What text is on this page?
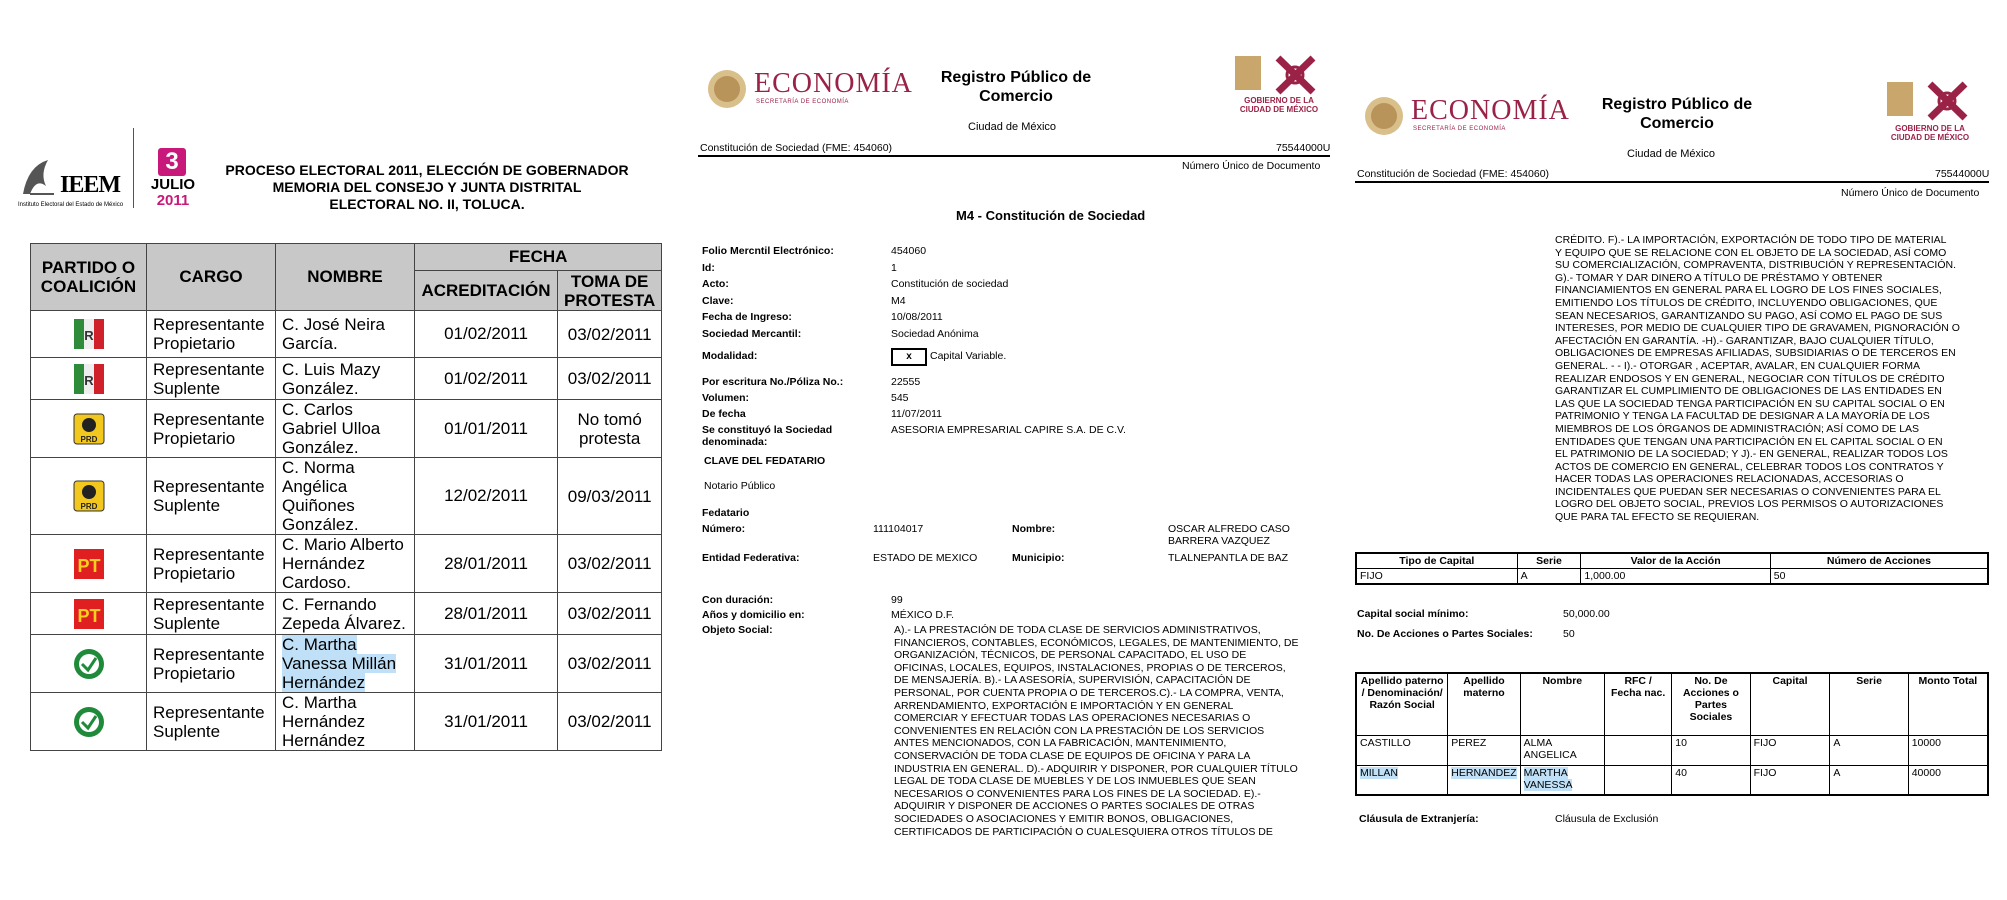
IEEM
Instituto Electoral del Estado de México
3
JULIO
2011
PROCESO ELECTORAL 2011, ELECCIÓN DE GOBERNADOR
MEMORIA DEL CONSEJO Y JUNTA DISTRITAL
ELECTORAL NO. II, TOLUCA.
PARTIDO O COALICIÓN	CARGO	NOMBRE	FECHA	
			ACREDITACIÓN	TOMA DE PROTESTA

R	Representante Propietario	C. José Neira García.	01/02/2011	03/02/2011

R	Representante Suplente	C. Luis Mazy González.	01/02/2011	03/02/2011

PRD	Representante Propietario	C. Carlos Gabriel Ulloa González.	01/01/2011	No tomó protesta

PRD	Representante Suplente	C. Norma Angélica Quiñones González.	12/02/2011	09/03/2011

PT	Representante Propietario	C. Mario Alberto Hernández Cardoso.	28/01/2011	03/02/2011

PT	Representante Suplente	C. Fernando Zepeda Álvarez.	28/01/2011	03/02/2011

	Representante Propietario	C. Martha Vanessa Millán Hernández	31/01/2011	03/02/2011

	Representante Suplente	C. Martha Hernández Hernández	31/01/2011	03/02/2011
ECONOMÍA
SECRETARÍA DE ECONOMÍA
Registro Público de Comercio
Ciudad de México
GOBIERNO DE LA
CIUDAD DE MÉXICO
Constitución de Sociedad (FME: 454060)	75544000U
Número Único de Documento
M4 - Constitución de Sociedad
Folio Mercntil Electrónico:	454060
Id:	1
Acto:	Constitución de sociedad
Clave:	M4
Fecha de Ingreso:	10/08/2011
Sociedad Mercantil:	Sociedad Anónima
Modalidad:	x	Capital Variable.
Por escritura No./Póliza No.:	22555
Volumen:	545
De fecha	11/07/2011
Se constituyó la Sociedad denominada:
ASESORIA EMPRESARIAL CAPIRE S.A. DE C.V.
CLAVE DEL FEDATARIO
Notario Público
Fedatario
Número:	111104017	Nombre:	OSCAR ALFREDO CASO BARRERA VAZQUEZ
Entidad Federativa:	ESTADO DE MEXICO	Municipio:	TLALNEPANTLA DE BAZ
Con duración:	99
Años y domicilio en:	MÉXICO D.F.
Objeto Social:	A).- LA PRESTACIÓN DE TODA CLASE DE SERVICIOS ADMINISTRATIVOS,
FINANCIEROS, CONTABLES, ECONÓMICOS, LEGALES, DE MANTENIMIENTO, DE
ORGANIZACIÓN, TÉCNICOS, DE PERSONAL CAPACITADO, EL USO DE
OFICINAS, LOCALES, EQUIPOS, INSTALACIONES, PROPIAS O DE TERCEROS,
DE MENSAJERÍA. B).- LA ASESORÍA, SUPERVISIÓN, CAPACITACIÓN DE
PERSONAL, POR CUENTA PROPIA O DE TERCEROS.C).- LA COMPRA, VENTA,
ARRENDAMIENTO, EXPORTACIÓN E IMPORTACIÓN Y EN GENERAL
COMERCIAR Y EFECTUAR TODAS LAS OPERACIONES NECESARIAS O
CONVENIENTES EN RELACIÓN CON LA PRESTACIÓN DE LOS SERVICIOS
ANTES MENCIONADOS, CON LA FABRICACIÓN, MANTENIMIENTO,
CONSERVACIÓN DE TODA CLASE DE EQUIPOS DE OFICINA Y PARA LA
INDUSTRIA EN GENERAL. D).- ADQUIRIR Y DISPONER, POR CUALQUIER TÍTULO
LEGAL DE TODA CLASE DE MUEBLES Y DE LOS INMUEBLES QUE SEAN
NECESARIOS O CONVENIENTES PARA LOS FINES DE LA SOCIEDAD. E).-
ADQUIRIR Y DISPONER DE ACCIONES O PARTES SOCIALES DE OTRAS
SOCIEDADES O ASOCIACIONES Y EMITIR BONOS, OBLIGACIONES,
CERTIFICADOS DE PARTICIPACIÓN O CUALESQUIERA OTROS TÍTULOS DE
ECONOMÍA
SECRETARÍA DE ECONOMÍA
Registro Público de Comercio
Ciudad de México
GOBIERNO DE LA
CIUDAD DE MÉXICO
Constitución de Sociedad (FME: 454060)	75544000U
Número Único de Documento
CRÉDITO. F).- LA IMPORTACIÓN, EXPORTACIÓN DE TODO TIPO DE MATERIAL
Y EQUIPO QUE SE RELACIONE CON EL OBJETO DE LA SOCIEDAD, ASÍ COMO
SU COMERCIALIZACIÓN, COMPRAVENTA, DISTRIBUCIÓN Y REPRESENTACIÓN.
G).- TOMAR Y DAR DINERO A TÍTULO DE PRÉSTAMO Y OBTENER
FINANCIAMIENTOS EN GENERAL PARA EL LOGRO DE LOS FINES SOCIALES,
EMITIENDO LOS TÍTULOS DE CRÉDITO, INCLUYENDO OBLIGACIONES, QUE
SEAN NECESARIOS, GARANTIZANDO SU PAGO, ASÍ COMO EL PAGO DE SUS
INTERESES, POR MEDIO DE CUALQUIER TIPO DE GRAVAMEN, PIGNORACIÓN O
AFECTACIÓN EN GARANTÍA. -H).- GARANTIZAR, BAJO CUALQUIER TÍTULO,
OBLIGACIONES DE EMPRESAS AFILIADAS, SUBSIDIARIAS O DE TERCEROS EN
GENERAL. - - I).- OTORGAR , ACEPTAR, AVALAR, EN CUALQUIER FORMA
REALIZAR ENDOSOS Y EN GENERAL, NEGOCIAR CON TÍTULOS DE CRÉDITO
GARANTIZAR EL CUMPLIMIENTO DE OBLIGACIONES DE LAS ENTIDADES EN
LAS QUE LA SOCIEDAD TENGA PARTICIPACIÓN EN SU CAPITAL SOCIAL O EN
PATRIMONIO Y TENGA LA FACULTAD DE DESIGNAR A LA MAYORÍA DE LOS
MIEMBROS DE LOS ÓRGANOS DE ADMINISTRACIÓN; ASÍ COMO DE LAS
ENTIDADES QUE TENGAN UNA PARTICIPACIÓN EN EL CAPITAL SOCIAL O EN
EL PATRIMONIO DE LA SOCIEDAD; Y J).- EN GENERAL, REALIZAR TODOS LOS
ACTOS DE COMERCIO EN GENERAL, CELEBRAR TODOS LOS CONTRATOS Y
HACER TODAS LAS OPERACIONES RELACIONADAS, ACCESORIAS O
INCIDENTALES QUE PUEDAN SER NECESARIAS O CONVENIENTES PARA EL
LOGRO DEL OBJETO SOCIAL, PREVIOS LOS PERMISOS O AUTORIZACIONES
QUE PARA TAL EFECTO SE REQUIERAN.
Tipo de Capital	Serie	Valor de la Acción	Número de Acciones
FIJO	A	1,000.00	50
Capital social mínimo:	50,000.00
No. De Acciones o Partes Sociales:	50
Apellido paterno / Denominación/ Razón Social	Apellido materno	Nombre	RFC / Fecha nac.	No. De Acciones o Partes Sociales	Capital	Serie	Monto Total
CASTILLO	PEREZ	ALMA ANGELICA		10	FIJO	A	10000
MILLAN	HERNANDEZ	MARTHA VANESSA		40	FIJO	A	40000
Cláusula de Extranjería:	Cláusula de Exclusión
